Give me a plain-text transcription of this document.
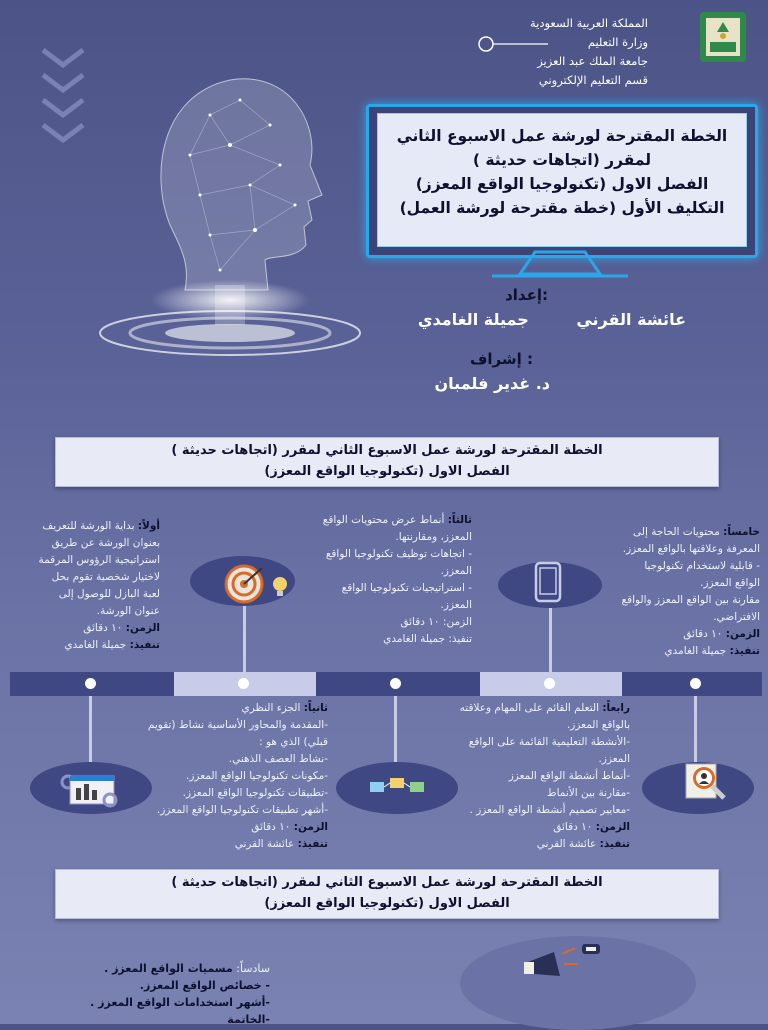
المملكة العربية السعودية
وزارة التعليم
جامعة الملك عبد العزيز
قسم التعليم الإلكتروني
الخطة المقترحة لورشة عمل الاسبوع الثاني
لمقرر (اتجاهات حديثة )
الفصل الاول (تكنولوجيا الواقع المعزز)
التكليف الأول (خطة مقترحة لورشة العمل)
إعداد:
عائشة القرني جميلة الغامدي
إشراف :
د. غدير فلمبان
الخطة المقترحة لورشة عمل الاسبوع الثاني لمقرر (اتجاهات حديثة )
الفصل الاول (تكنولوجيا الواقع المعزز)
أولاً: بداية الورشة للتعريف
بعنوان الورشة عن طريق
استراتيجية الرؤوس المرقمة
لاختيار شخصية تقوم بحل
لعبة البازل للوصول إلى
عنوان الورشة.
الزمن: ١٠ دقائق
تنفيذ: جميلة الغامدي
ثالثاً: أنماط عرض محتويات الواقع
المعزز، ومقارنتها.
- اتجاهات توظيف تكنولوجيا الواقع
المعزز.
- استراتيجيات تكنولوجيا الواقع
المعزز.
الزمن: ١٠ دقائق
تنفيذ: جميلة الغامدي
خامساً: محتويات الحاجة إلى
المعرفة وعلاقتها بالواقع المعزز.
- قابلية لاستخدام تكنولوجيا
الواقع المعزز.
مقارنة بين الواقع المعزز والواقع
الافتراضي.
الزمن: ١٠ دقائق
تنفيذ: جميلة الغامدي
ثانياً: الجزء النظري
-المقدمة والمحاور الأساسية نشاط (تقويم
قبلي) الذي هو :
-نشاط العصف الذهني.
-مكونات تكنولوجيا الواقع المعزز.
-تطبيقات تكنولوجيا الواقع المعزز.
-أشهر تطبيقات تكنولوجيا الواقع المعزز.
الزمن: ١٠ دقائق
تنفيذ: عائشة القرني
رابعاً: التعلم القائم على المهام وعلاقته
بالواقع المعزز.
-الأنشطة التعليمية القائمة على الواقع
المعزز.
-أنماط أنشطة الواقع المعزز
-مقارنة بين الأنماط
-معايير تصميم أنشطة الواقع المعزز .
الزمن: ١٠ دقائق
تنفيذ: عائشة القرني
الخطة المقترحة لورشة عمل الاسبوع الثاني لمقرر (اتجاهات حديثة )
الفصل الاول (تكنولوجيا الواقع المعزز)
سادساً: مسميات الواقع المعزز .
- خصائص الواقع المعزز.
-أشهر استخدامات الواقع المعزز .
-الخاتمة
